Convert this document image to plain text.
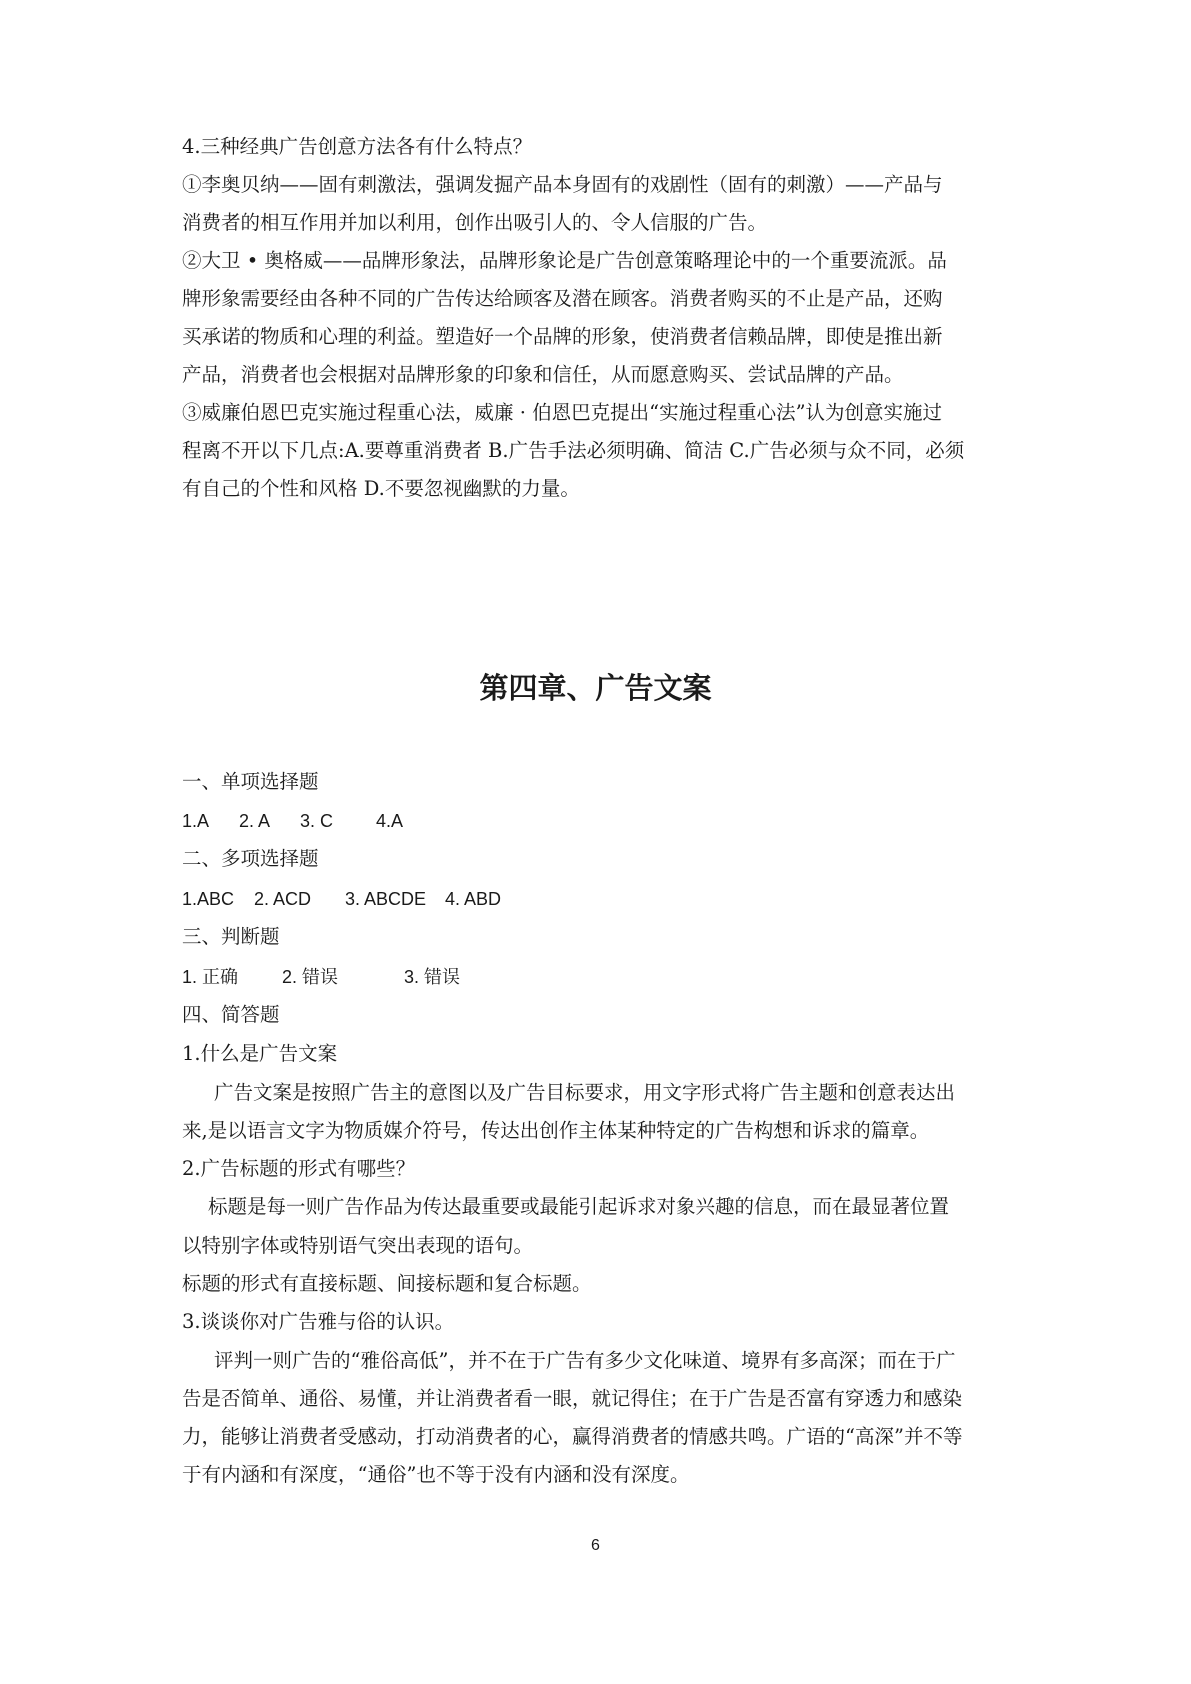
4.三种经典广告创意方法各有什么特点？
①李奥贝纳——固有刺激法，强调发掘产品本身固有的戏剧性（固有的刺激）——产品与
消费者的相互作用并加以利用，创作出吸引人的、令人信服的广告。
②大卫 • 奥格威——品牌形象法，品牌形象论是广告创意策略理论中的一个重要流派。品
牌形象需要经由各种不同的广告传达给顾客及潜在顾客。消费者购买的不止是产品，还购
买承诺的物质和心理的利益。塑造好一个品牌的形象，使消费者信赖品牌，即使是推出新
产品，消费者也会根据对品牌形象的印象和信任，从而愿意购买、尝试品牌的产品。
③威廉伯恩巴克实施过程重心法，威廉 · 伯恩巴克提出“实施过程重心法”认为创意实施过
程离不开以下几点:A.要尊重消费者 B.广告手法必须明确、简洁 C.广告必须与众不同，必须
有自己的个性和风格 D.不要忽视幽默的力量。
第四章、广告文案
一、单项选择题
1.A 2. A 3. C 4.A
二、多项选择题
1.ABC 2. ACD 3. ABCDE 4. ABD
三、判断题
1. 正确 2. 错误	3. 错误
四、简答题
1.什么是广告文案
广告文案是按照广告主的意图以及广告目标要求，用文字形式将广告主题和创意表达出
来,是以语言文字为物质媒介符号，传达出创作主体某种特定的广告构想和诉求的篇章。
2.广告标题的形式有哪些？
标题是每一则广告作品为传达最重要或最能引起诉求对象兴趣的信息，而在最显著位置
以特别字体或特别语气突出表现的语句。
标题的形式有直接标题、间接标题和复合标题。
3.谈谈你对广告雅与俗的认识。
评判一则广告的“雅俗高低”，并不在于广告有多少文化味道、境界有多高深；而在于广
告是否简单、通俗、易懂，并让消费者看一眼，就记得住；在于广告是否富有穿透力和感染
力，能够让消费者受感动，打动消费者的心，赢得消费者的情感共鸣。广语的“高深”并不等
于有内涵和有深度，“通俗”也不等于没有内涵和没有深度。
6
